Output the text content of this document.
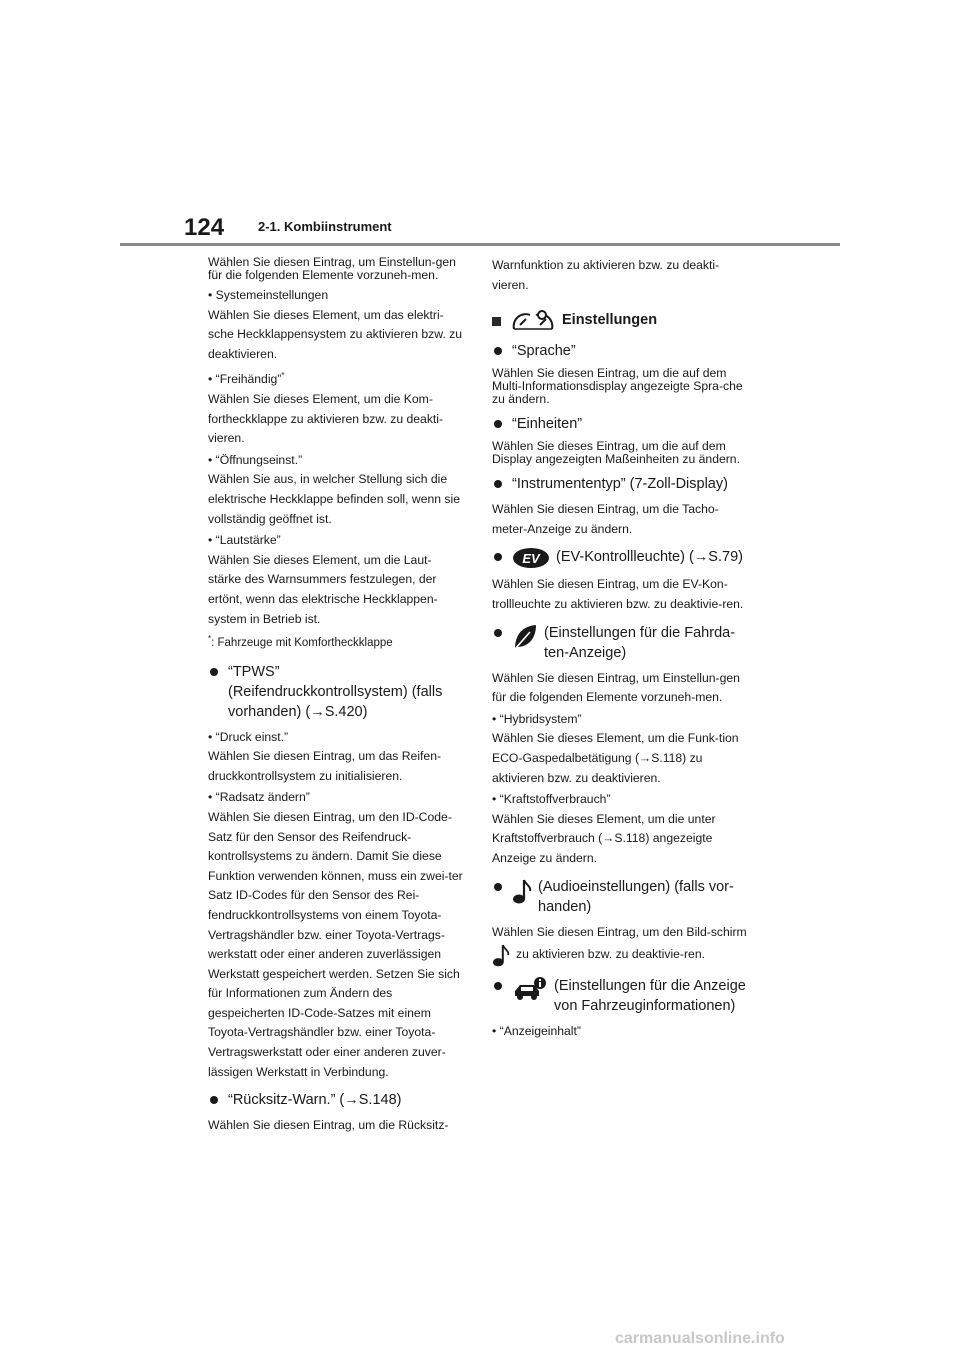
124	2-1. Kombiinstrument

Wählen Sie diesen Eintrag, um Einstellun-gen für die folgenden Elemente vorzuneh-men.

• Systemeinstellungen

Wählen Sie dieses Element, um das elektri-sche Heckklappensystem zu aktivieren bzw. zu deaktivieren.

• “Freihändig”*

Wählen Sie dieses Element, um die Kom-fortheckklappe zu aktivieren bzw. zu deakti-vieren.

• “Öffnungseinst.”

Wählen Sie aus, in welcher Stellung sich die elektrische Heckklappe befinden soll, wenn sie vollständig geöffnet ist.

• “Lautstärke”

Wählen Sie dieses Element, um die Laut-stärke des Warnsummers festzulegen, der ertönt, wenn das elektrische Heckklappen-system in Betrieb ist.

*: Fahrzeuge mit Komfortheckklappe

“TPWS” (Reifendruckkontrollsystem) (falls vorhanden) (→S.420)

• “Druck einst.”

Wählen Sie diesen Eintrag, um das Reifen-druckkontrollsystem zu initialisieren.

• “Radsatz ändern”

Wählen Sie diesen Eintrag, um den ID-Code-Satz für den Sensor des Reifendruck-kontrollsystems zu ändern. Damit Sie diese Funktion verwenden können, muss ein zwei-ter Satz ID-Codes für den Sensor des Rei-fendruckkontrollsystems von einem Toyota-Vertragshändler bzw. einer Toyota-Vertrags-werkstatt oder einer anderen zuverlässigen Werkstatt gespeichert werden. Setzen Sie sich für Informationen zum Ändern des gespeicherten ID-Code-Satzes mit einem Toyota-Vertragshändler bzw. einer Toyota-Vertragswerkstatt oder einer anderen zuver-lässigen Werkstatt in Verbindung.

“Rücksitz-Warn.” (→S.148)

Wählen Sie diesen Eintrag, um die Rücksitz-

Warnfunktion zu aktivieren bzw. zu deakti-vieren.

Einstellungen

“Sprache”

Wählen Sie diesen Eintrag, um die auf dem Multi-Informationsdisplay angezeigte Spra-che zu ändern.

“Einheiten”

Wählen Sie dieses Eintrag, um die auf dem Display angezeigten Maßeinheiten zu ändern.

“Instrumententyp” (7-Zoll-Display)

Wählen Sie diesen Eintrag, um die Tacho-meter-Anzeige zu ändern.

EV (EV-Kontrollleuchte) (→S.79)

Wählen Sie diesen Eintrag, um die EV-Kon-trollleuchte zu aktivieren bzw. zu deaktivie-ren.

(Einstellungen für die Fahrda-ten-Anzeige)

Wählen Sie diesen Eintrag, um Einstellun-gen für die folgenden Elemente vorzuneh-men.

• “Hybridsystem”

Wählen Sie dieses Element, um die Funk-tion ECO-Gaspedalbetätigung (→S.118) zu aktivieren bzw. zu deaktivieren.

• “Kraftstoffverbrauch”

Wählen Sie dieses Element, um die unter Kraftstoffverbrauch (→S.118) angezeigte Anzeige zu ändern.

(Audioeinstellungen) (falls vor-handen)

Wählen Sie diesen Eintrag, um den Bild-schirm

zu aktivieren bzw. zu deaktivie-ren.

(Einstellungen für die Anzeige von Fahrzeuginformationen)

• “Anzeigeinhalt”

carmanualsonline.info
